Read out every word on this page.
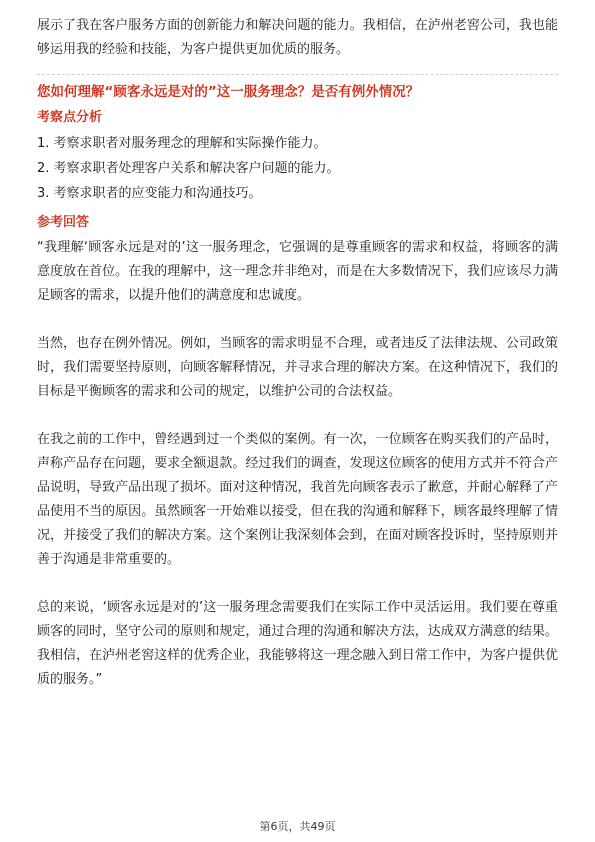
展示了我在客户服务方面的创新能力和解决问题的能力。我相信，在泸州老窖公司，我也能够运用我的经验和技能，为客户提供更加优质的服务。

您如何理解“顾客永远是对的”这一服务理念？是否有例外情况？
考察点分析
1. 考察求职者对服务理念的理解和实际操作能力。
2. 考察求职者处理客户关系和解决客户问题的能力。
3. 考察求职者的应变能力和沟通技巧。
参考回答

“我理解‘顾客永远是对的’这一服务理念，它强调的是尊重顾客的需求和权益，将顾客的满意度放在首位。在我的理解中，这一理念并非绝对，而是在大多数情况下，我们应该尽力满足顾客的需求，以提升他们的满意度和忠诚度。

当然，也存在例外情况。例如，当顾客的需求明显不合理，或者违反了法律法规、公司政策时，我们需要坚持原则，向顾客解释情况，并寻求合理的解决方案。在这种情况下，我们的目标是平衡顾客的需求和公司的规定，以维护公司的合法权益。

在我之前的工作中，曾经遇到过一个类似的案例。有一次，一位顾客在购买我们的产品时，声称产品存在问题，要求全额退款。经过我们的调查，发现这位顾客的使用方式并不符合产品说明，导致产品出现了损坏。面对这种情况，我首先向顾客表示了歉意，并耐心解释了产品使用不当的原因。虽然顾客一开始难以接受，但在我的沟通和解释下，顾客最终理解了情况，并接受了我们的解决方案。这个案例让我深刻体会到，在面对顾客投诉时，坚持原则并善于沟通是非常重要的。

总的来说，‘顾客永远是对的’这一服务理念需要我们在实际工作中灵活运用。我们要在尊重顾客的同时，坚守公司的原则和规定，通过合理的沟通和解决方法，达成双方满意的结果。我相信，在泸州老窖这样的优秀企业，我能够将这一理念融入到日常工作中，为客户提供优质的服务。”

第6页，共49页
